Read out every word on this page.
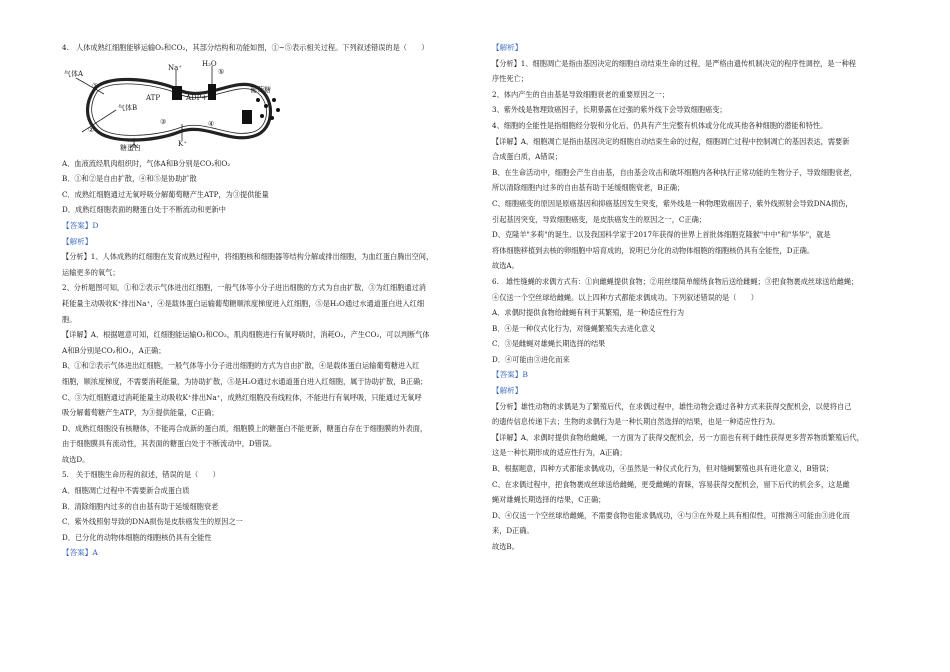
4.　人体成熟红细胞能够运输O₂和CO₂，其部分结构和功能如图，①~⑤表示相关过程。下列叙述错误的是（　　）
气体A
①
气体B
②
③	④
⑤
H₂O
葡萄糖
Na⁺
ATP	ADP+Pi
K⁺
糖蛋白
A．血液流经肌肉组织时，气体A和B分别是CO₂和O₂
B．①和②是自由扩散，④和⑤是协助扩散
C．成熟红细胞通过无氧呼吸分解葡萄糖产生ATP，为③提供能量
D．成熟红细胞表面的糖蛋白处于不断流动和更新中
【答案】D
【解析】
【分析】1、人体成熟的红细胞在发育成熟过程中，将细胞核和细胞器等结构分解或排出细胞，为血红蛋白腾出空间，
运输更多的氧气；
2、分析题图可知，①和②表示气体进出红细胞，一般气体等小分子进出细胞的方式为自由扩散，③为红细胞通过消
耗能量主动吸收K⁺排出Na⁺，④是载体蛋白运输葡萄糖顺浓度梯度进入红细胞，⑤是H₂O通过水通道蛋白进入红细
胞。
【详解】A、根据题意可知，红细胞能运输O₂和CO₂，肌肉细胞进行有氧呼吸时，消耗O₂，产生CO₂，可以判断气体
A和B分别是CO₂和O₂，A正确；
B、①和②表示气体进出红细胞，一般气体等小分子进出细胞的方式为自由扩散，④是载体蛋白运输葡萄糖进入红
细胞，顺浓度梯度，不需要消耗能量，为协助扩散，⑤是H₂O通过水通道蛋白进入红细胞，属于协助扩散，B正确；
C、③为红细胞通过消耗能量主动吸收K⁺排出Na⁺，成熟红细胞没有线粒体，不能进行有氧呼吸，只能通过无氧呼
吸分解葡萄糖产生ATP，为③提供能量，C正确；
D、成熟红细胞没有核糖体，不能再合成新的蛋白质，细胞膜上的糖蛋白不能更新，糖蛋白存在于细胞膜的外表面，
由于细胞膜具有流动性，其表面的糖蛋白处于不断流动中，D错误。
故选D。
5.　关于细胞生命历程的叙述，错误的是（　　）
A．细胞凋亡过程中不需要新合成蛋白质
B．清除细胞内过多的自由基有助于延缓细胞衰老
C．紫外线照射导致的DNA损伤是皮肤癌发生的原因之一
D．已分化的动物体细胞的细胞核仍具有全能性
【答案】A
【解析】
【分析】1、细胞凋亡是指由基因决定的细胞自动结束生命的过程，是严格由遗传机制决定的程序性调控，是一种程
序性死亡；
2、体内产生的自由基是导致细胞衰老的重要原因之一；
3、紫外线是物理致癌因子，长期暴露在过强的紫外线下会导致细胞癌变；
4、细胞的全能性是指细胞经分裂和分化后，仍具有产生完整有机体或分化成其他各种细胞的潜能和特性。
【详解】A、细胞凋亡是指由基因决定的细胞自动结束生命的过程，细胞凋亡过程中控制凋亡的基因表达，需要新
合成蛋白质，A错误；
B、在生命活动中，细胞会产生自由基，自由基会攻击和破坏细胞内各种执行正常功能的生物分子，导致细胞衰老，
所以清除细胞内过多的自由基有助于延缓细胞衰老，B正确；
C、细胞癌变的原因是原癌基因和抑癌基因发生突变，紫外线是一种物理致癌因子，紫外线照射会导致DNA损伤，
引起基因突变，导致细胞癌变，是皮肤癌发生的原因之一，C正确；
D、克隆羊"多莉"的诞生、以及我国科学家于2017年获得的世界上首批体细胞克隆猴"中中"和"华华"，就是
将体细胞移植到去核的卵细胞中培育成的，说明已分化的动物体细胞的细胞核仍具有全能性，D正确。
故选A。
6.　雄性缝蝇的求偶方式有：①向雌蝇提供食物；②用丝缕简单缠绕食物后送给雌蝇；③把食物裹成丝球送给雌蝇；
④仅送一个空丝球给雌蝇。以上四种方式都能求偶成功。下列叙述错误的是（　　）
A．求偶时提供食物给雌蝇有利于其繁殖，是一种适应性行为
B．④是一种仪式化行为，对缝蝇繁殖失去进化意义
C．③是雌蝇对雄蝇长期选择的结果
D．④可能由③进化而来
【答案】B
【解析】
【分析】雄性动物的求偶是为了繁殖后代，在求偶过程中，雄性动物会通过各种方式来获得交配机会，以使将自己
的遗传信息传递下去；生物的求偶行为是一种长期自然选择的结果，也是一种适应性行为。
【详解】A、求偶时提供食物给雌蝇，一方面为了获得交配机会，另一方面也有利于雌性获得更多营养物质繁殖后代，
这是一种长期形成的适应性行为，A正确；
B、根据题意，四种方式都能求偶成功，④虽然是一种仪式化行为，但对缝蝇繁殖也具有进化意义，B错误；
C、在求偶过程中，把食物裹成丝球送给雌蝇，更受雌蝇的青睐，容易获得交配机会，留下后代的机会多，这是雌
蝇对雄蝇长期选择的结果，C正确；
D、④仅送一个空丝球给雌蝇，不需要食物也能求偶成功，④与③在外观上具有相似性，可推测④可能由③进化而
来，D正确。
故选B。
